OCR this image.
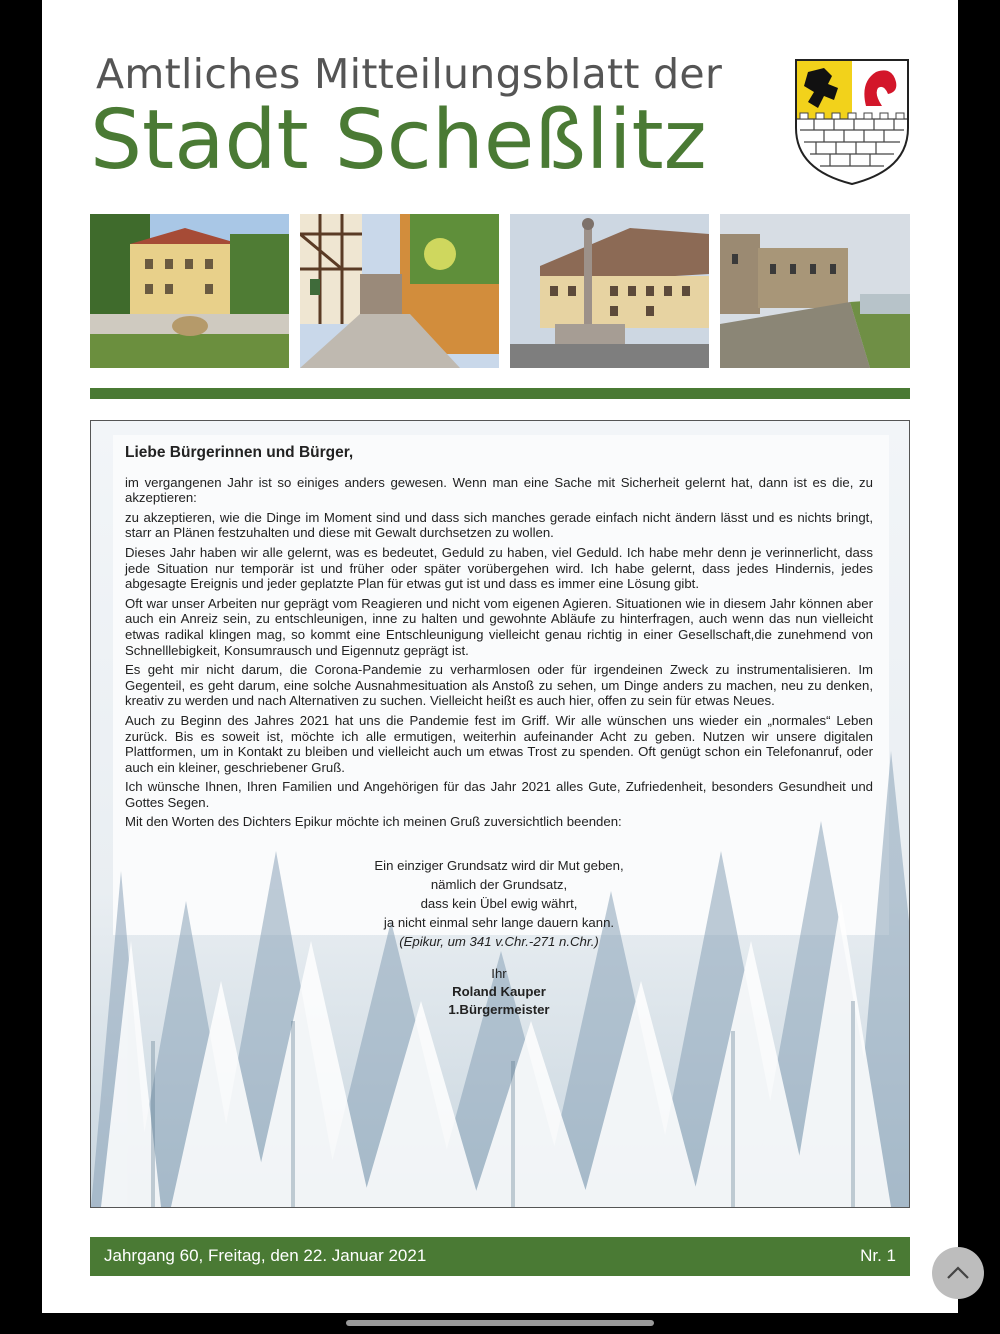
Amtliches Mitteilungsblatt der
Stadt Scheßlitz
Liebe Bürgerinnen und Bürger,

im vergangenen Jahr ist so einiges anders gewesen. Wenn man eine Sache mit Sicherheit gelernt hat, dann ist es die, zu akzeptieren:

zu akzeptieren, wie die Dinge im Moment sind und dass sich manches gerade einfach nicht ändern lässt und es nichts bringt, starr an Plänen festzuhalten und diese mit Gewalt durchsetzen zu wollen.

Dieses Jahr haben wir alle gelernt, was es bedeutet, Geduld zu haben, viel Geduld. Ich habe mehr denn je verinnerlicht, dass jede Situation nur temporär ist und früher oder später vorübergehen wird. Ich habe gelernt, dass jedes Hindernis, jedes abgesagte Ereignis und jeder geplatzte Plan für etwas gut ist und dass es immer eine Lösung gibt.

Oft war unser Arbeiten nur geprägt vom Reagieren und nicht vom eigenen Agieren. Situationen wie in diesem Jahr können aber auch ein Anreiz sein, zu entschleunigen, inne zu halten und gewohnte Abläufe zu hinterfragen, auch wenn das nun vielleicht etwas radikal klingen mag, so kommt eine Entschleunigung vielleicht genau richtig in einer Gesellschaft,die zunehmend von Schnelllebigkeit, Konsumrausch und Eigennutz geprägt ist.

Es geht mir nicht darum, die Corona-Pandemie zu verharmlosen oder für irgendeinen Zweck zu instrumentalisieren. Im Gegenteil, es geht darum, eine solche Ausnahmesituation als Anstoß zu sehen, um Dinge anders zu machen, neu zu denken, kreativ zu werden und nach Alternativen zu suchen. Vielleicht heißt es auch hier, offen zu sein für etwas Neues.

Auch zu Beginn des Jahres 2021 hat uns die Pandemie fest im Griff. Wir alle wünschen uns wieder ein „normales“ Leben zurück. Bis es soweit ist, möchte ich alle ermutigen, weiterhin aufeinander Acht zu geben. Nutzen wir unsere digitalen Plattformen, um in Kontakt zu bleiben und vielleicht auch um etwas Trost zu spenden. Oft genügt schon ein Telefonanruf, oder auch ein kleiner, geschriebener Gruß.

Ich wünsche Ihnen, Ihren Familien und Angehörigen für das Jahr 2021 alles Gute, Zufriedenheit, besonders Gesundheit und Gottes Segen.

Mit den Worten des Dichters Epikur möchte ich meinen Gruß zuversichtlich beenden:

Ein einziger Grundsatz wird dir Mut geben,
nämlich der Grundsatz,
dass kein Übel ewig währt,
ja nicht einmal sehr lange dauern kann.
(Epikur, um 341 v.Chr.-271 n.Chr.)
Ihr
Roland Kauper
1.Bürgermeister
Jahrgang 60, Freitag, den 22. Januar 2021	Nr. 1
